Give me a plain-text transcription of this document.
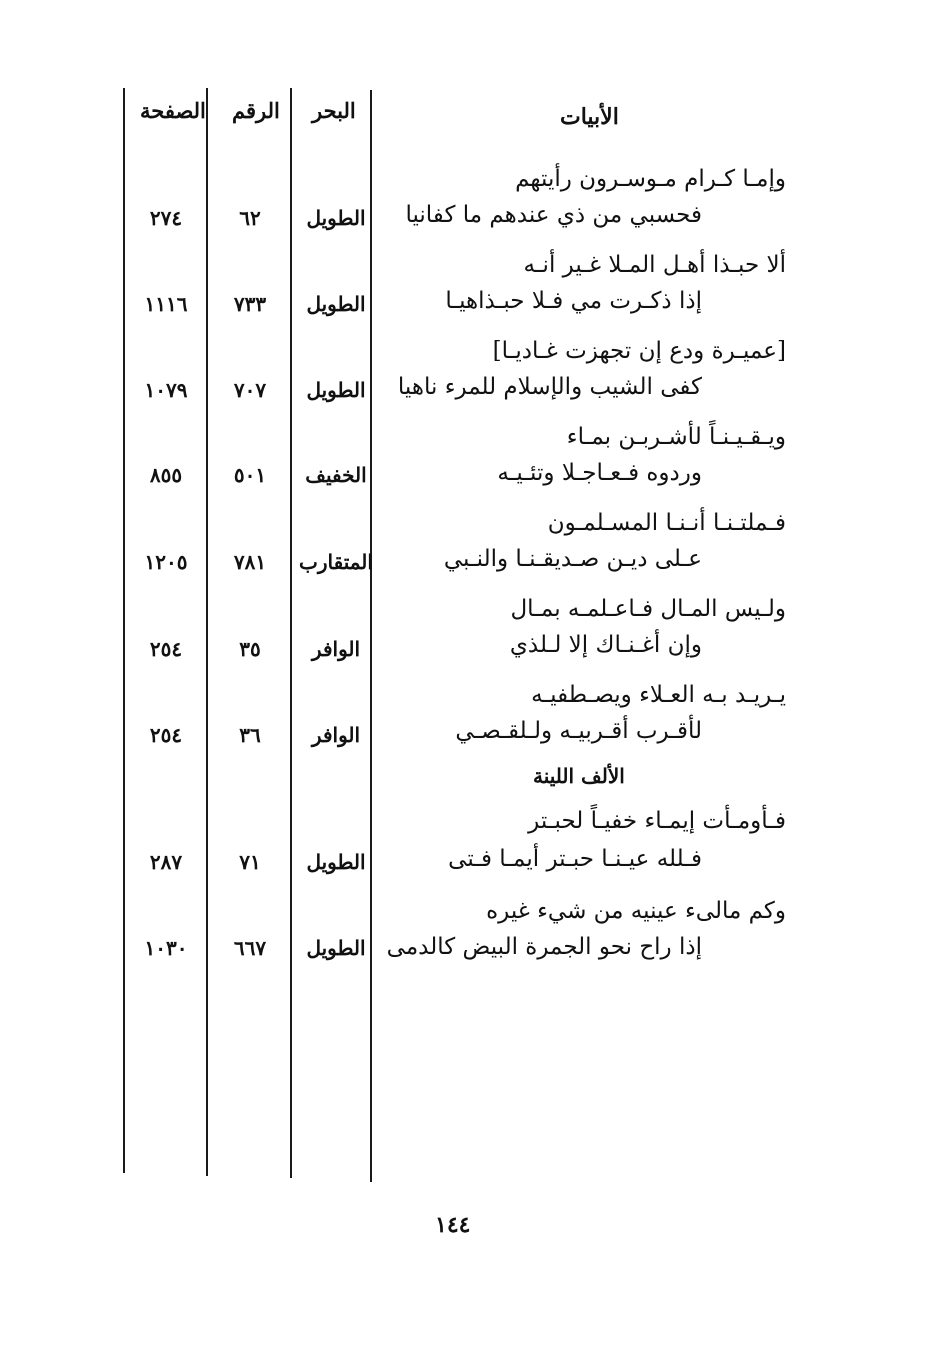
الأبيات
البحر
الرقم
الصفحة
وإمـا كـرام مـوسـرون رأيتهم
فحسبي من ذي عندهم ما كفانيا
الطويل
٦٢
٢٧٤
ألا حبـذا أهـل المـلا غـير أنـه
إذا ذكـرت مي فـلا حبـذاهيـا
الطويل
٧٣٣
١١١٦
[عميـرة ودع إن تجهزت غـاديـا]
كفى الشيب والإسلام للمرء ناهيا
الطويل
٧٠٧
١٠٧٩
ويـقـيـنـاً لأشـربـن بمـاء
وردوه فـعـاجـلا وتئـيـه
الخفيف
٥٠١
٨٥٥
فـملتـنـا أنـنـا المسـلمـون
عـلى ديـن صـديقـنـا والنـبي
المتقارب
٧٨١
١٢٠٥
ولـيس المـال فـاعـلمـه بمـال
وإن أغـنـاك إلا لـلذي
الوافر
٣٥
٢٥٤
يـريـد بـه العـلاء ويصـطفيـه
لأقـرب أقـربيـه ولـلقـصـي
الوافر
٣٦
٢٥٤
الألف اللينة
فـأومـأت إيمـاء خفيـاً لحبـتر
فـلله عيـنـا حبـتر أيمـا فـتى
الطويل
٧١
٢٨٧
وكم مالىء عينيه من شيء غيره
إذا راح نحو الجمرة البيض كالدمى
الطويل
٦٦٧
١٠٣٠
١٤٤
